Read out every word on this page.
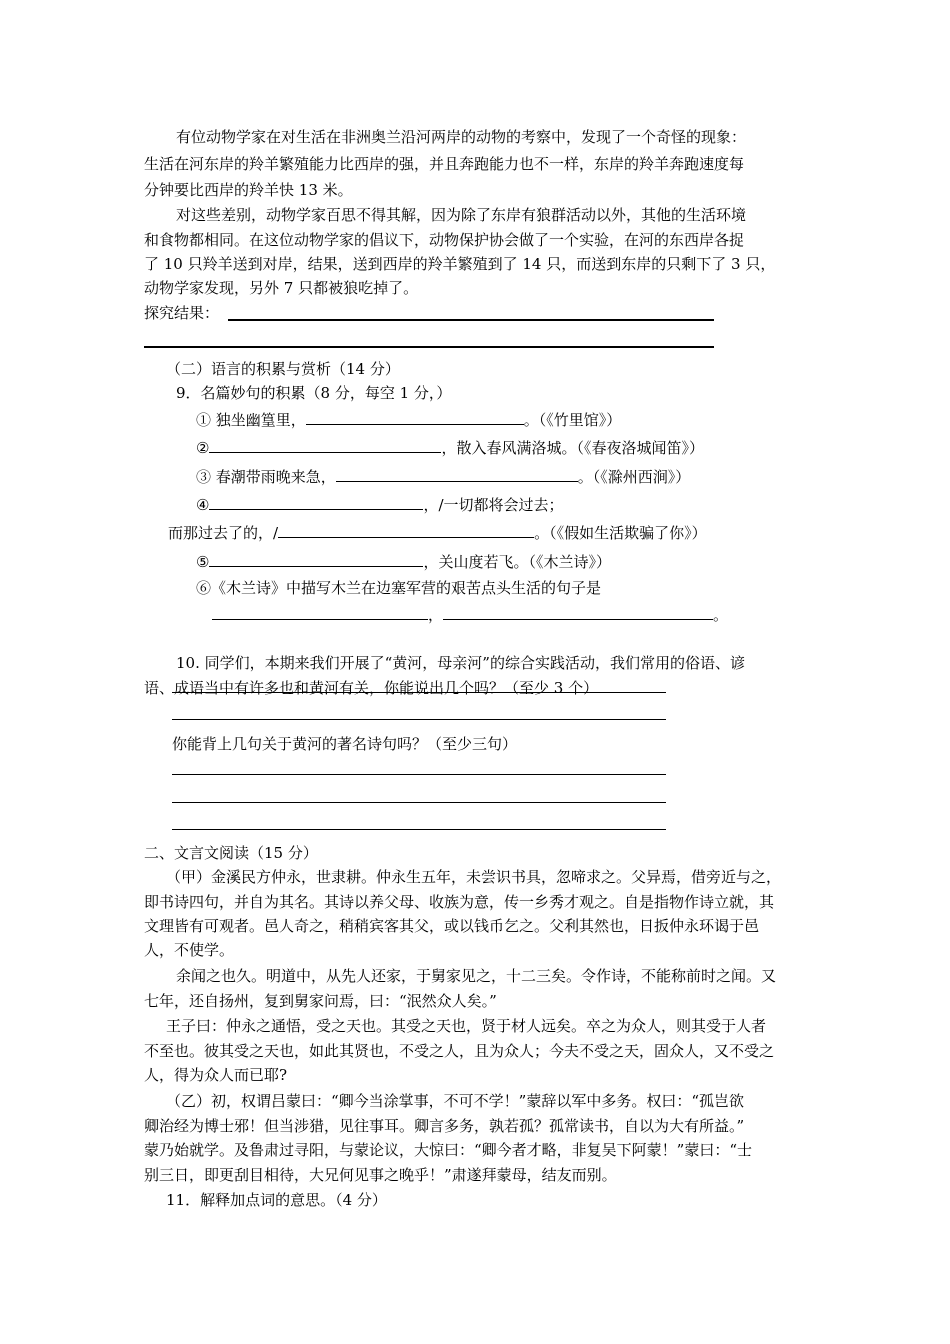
有位动物学家在对生活在非洲奥兰沿河两岸的动物的考察中，发现了一个奇怪的现象：
生活在河东岸的羚羊繁殖能力比西岸的强，并且奔跑能力也不一样，东岸的羚羊奔跑速度每
分钟要比西岸的羚羊快 13 米。
对这些差别，动物学家百思不得其解，因为除了东岸有狼群活动以外，其他的生活环境
和食物都相同。在这位动物学家的倡议下，动物保护协会做了一个实验，在河的东西岸各捉
了 10 只羚羊送到对岸，结果，送到西岸的羚羊繁殖到了 14 只，而送到东岸的只剩下了 3 只，
动物学家发现，另外 7 只都被狼吃掉了。
探究结果：
（二）语言的积累与赏析（14 分）
9．名篇妙句的积累（8 分，每空 1 分，）
① 独坐幽篁里，	。（《竹里馆》）
②	，散入春风满洛城。（《春夜洛城闻笛》）
③ 春潮带雨晚来急，	。（《滁州西涧》）
④	，/一切都将会过去；
而那过去了的，/	。（《假如生活欺骗了你》）
⑤	，关山度若飞。（《木兰诗》）
⑥《木兰诗》中描写木兰在边塞军营的艰苦点头生活的句子是
，	。
10. 同学们，本期来我们开展了“黄河，母亲河”的综合实践活动，我们常用的俗语、谚
语、成语当中有许多也和黄河有关，你能说出几个吗？（至少 3 个）
你能背上几句关于黄河的著名诗句吗？（至少三句）
二、文言文阅读（15 分）
（甲）金溪民方仲永，世隶耕。仲永生五年，未尝识书具，忽啼求之。父异焉，借旁近与之，
即书诗四句，并自为其名。其诗以养父母、收族为意，传一乡秀才观之。自是指物作诗立就，其
文理皆有可观者。邑人奇之，稍稍宾客其父，或以钱币乞之。父利其然也，日扳仲永环谒于邑
人，不使学。
余闻之也久。明道中，从先人还家，于舅家见之，十二三矣。令作诗，不能称前时之闻。又
七年，还自扬州，复到舅家问焉，曰：“泯然众人矣。”
王子曰：仲永之通悟，受之天也。其受之天也，贤于材人远矣。卒之为众人，则其受于人者
不至也。彼其受之天也，如此其贤也，不受之人，且为众人；今夫不受之天，固众人，又不受之
人，得为众人而已耶?
（乙）初，权谓吕蒙曰：“卿今当涂掌事，不可不学！”蒙辞以军中多务。权曰：“孤岂欲
卿治经为博士邪！但当涉猎，见往事耳。卿言多务，孰若孤？孤常读书，自以为大有所益。”
蒙乃始就学。及鲁肃过寻阳，与蒙论议，大惊曰：“卿今者才略，非复吴下阿蒙！”蒙曰：“士
别三日，即更刮目相待，大兄何见事之晚乎！”肃遂拜蒙母，结友而别。
11．解释加点词的意思。（4 分）
